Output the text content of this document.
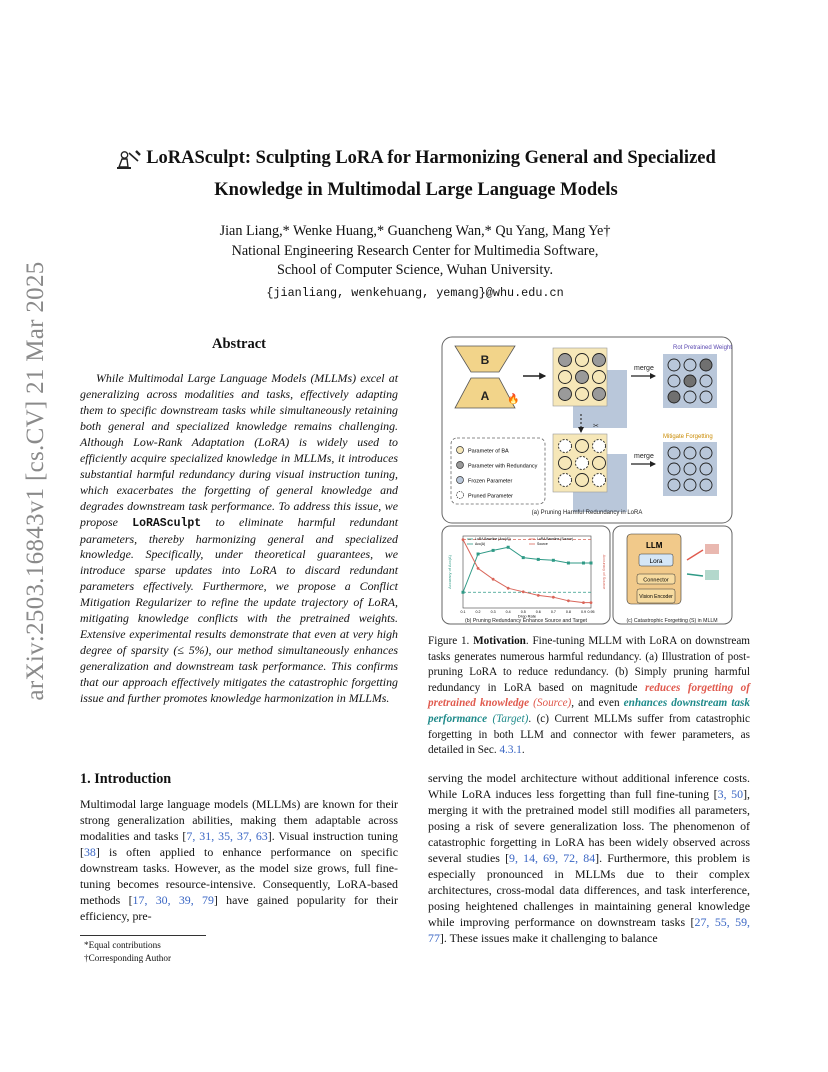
arXiv:2503.16843v1 [cs.CV] 21 Mar 2025
LoRASculpt: Sculpting LoRA for Harmonizing General and Specialized
Knowledge in Multimodal Large Language Models
Jian Liang,* Wenke Huang,* Guancheng Wan,* Qu Yang, Mang Ye†
National Engineering Research Center for Multimedia Software,
School of Computer Science, Wuhan University.
{jianliang, wenkehuang, yemang}@whu.edu.cn
Abstract

While Multimodal Large Language Models (MLLMs) excel at generalizing across modalities and tasks, effectively adapting them to specific downstream tasks while simultaneously retaining both general and specialized knowledge remains challenging. Although Low-Rank Adaptation (LoRA) is widely used to efficiently acquire specialized knowledge in MLLMs, it introduces substantial harmful redundancy during visual instruction tuning, which exacerbates the forgetting of general knowledge and degrades downstream task performance. To address this issue, we propose LoRASculpt to eliminate harmful redundant parameters, thereby harmonizing general and specialized knowledge. Specifically, under theoretical guarantees, we introduce sparse updates into LoRA to discard redundant parameters effectively. Furthermore, we propose a Conflict Mitigation Regularizer to refine the update trajectory of LoRA, mitigating knowledge conflicts with the pretrained weights. Extensive experimental results demonstrate that even at very high degree of sparsity (≤ 5%), our method simultaneously enhances generalization and downstream task performance. This confirms that our approach effectively mitigates the catastrophic forgetting issue and further promotes knowledge harmonization in MLLMs.

1. Introduction

Multimodal large language models (MLLMs) are known for their strong generalization abilities, making them adaptable across modalities and tasks [7, 31, 35, 37, 63]. Visual instruction tuning [38] is often applied to enhance performance on specific downstream tasks. However, as the model size grows, full fine-tuning becomes resource-intensive. Consequently, LoRA-based methods [17, 30, 39, 79] have gained popularity for their efficiency, pre-

*Equal contributions
†Corresponding Author

serving the model architecture without additional inference costs. While LoRA induces less forgetting than full fine-tuning [3, 50], merging it with the pretrained model still modifies all parameters, posing a risk of severe generalization loss. The phenomenon of catastrophic forgetting in LoRA has been widely observed across several studies [9, 14, 69, 72, 84]. Furthermore, this problem is especially pronounced in MLLMs due to their complex architectures, cross-modal data differences, and task interference, posing heightened challenges in maintaining general knowledge while improving performance on downstream tasks [27, 55, 59, 77]. These issues make it challenging to balance

B
A 🔥
merge
Rot Pretrained Weight
✂
Parameter of BA
Parameter with Redundancy
Frozen Parameter
Pruned Parameter
merge
Mitigate Forgetting
(a) Pruning Harmful Redundancy in LoRA
0.1	0.2	0.3	0.4	0.5	0.6	0.7	0.8	0.9 0.95
Drop Rate
Accuracy of Acc(A)	Accuracy of Source
LoRA Baseline (Acc(A))	LoRA Baseline (Source)
Acc(A)	Source
(b) Pruning Redundancy Enhance Source and Target
LLM
Lora
Connector
Vision Encoder
(c) Catastrophic Forgetting (S) in MLLM
Figure 1. Motivation. Fine-tuning MLLM with LoRA on downstream tasks generates numerous harmful redundancy. (a) Illustration of post-pruning LoRA to reduce redundancy. (b) Simply pruning harmful redundancy in LoRA based on magnitude reduces forgetting of pretrained knowledge (Source), and even enhances downstream task performance (Target). (c) Current MLLMs suffer from catastrophic forgetting in both LLM and connector with fewer parameters, as detailed in Sec. 4.3.1.
